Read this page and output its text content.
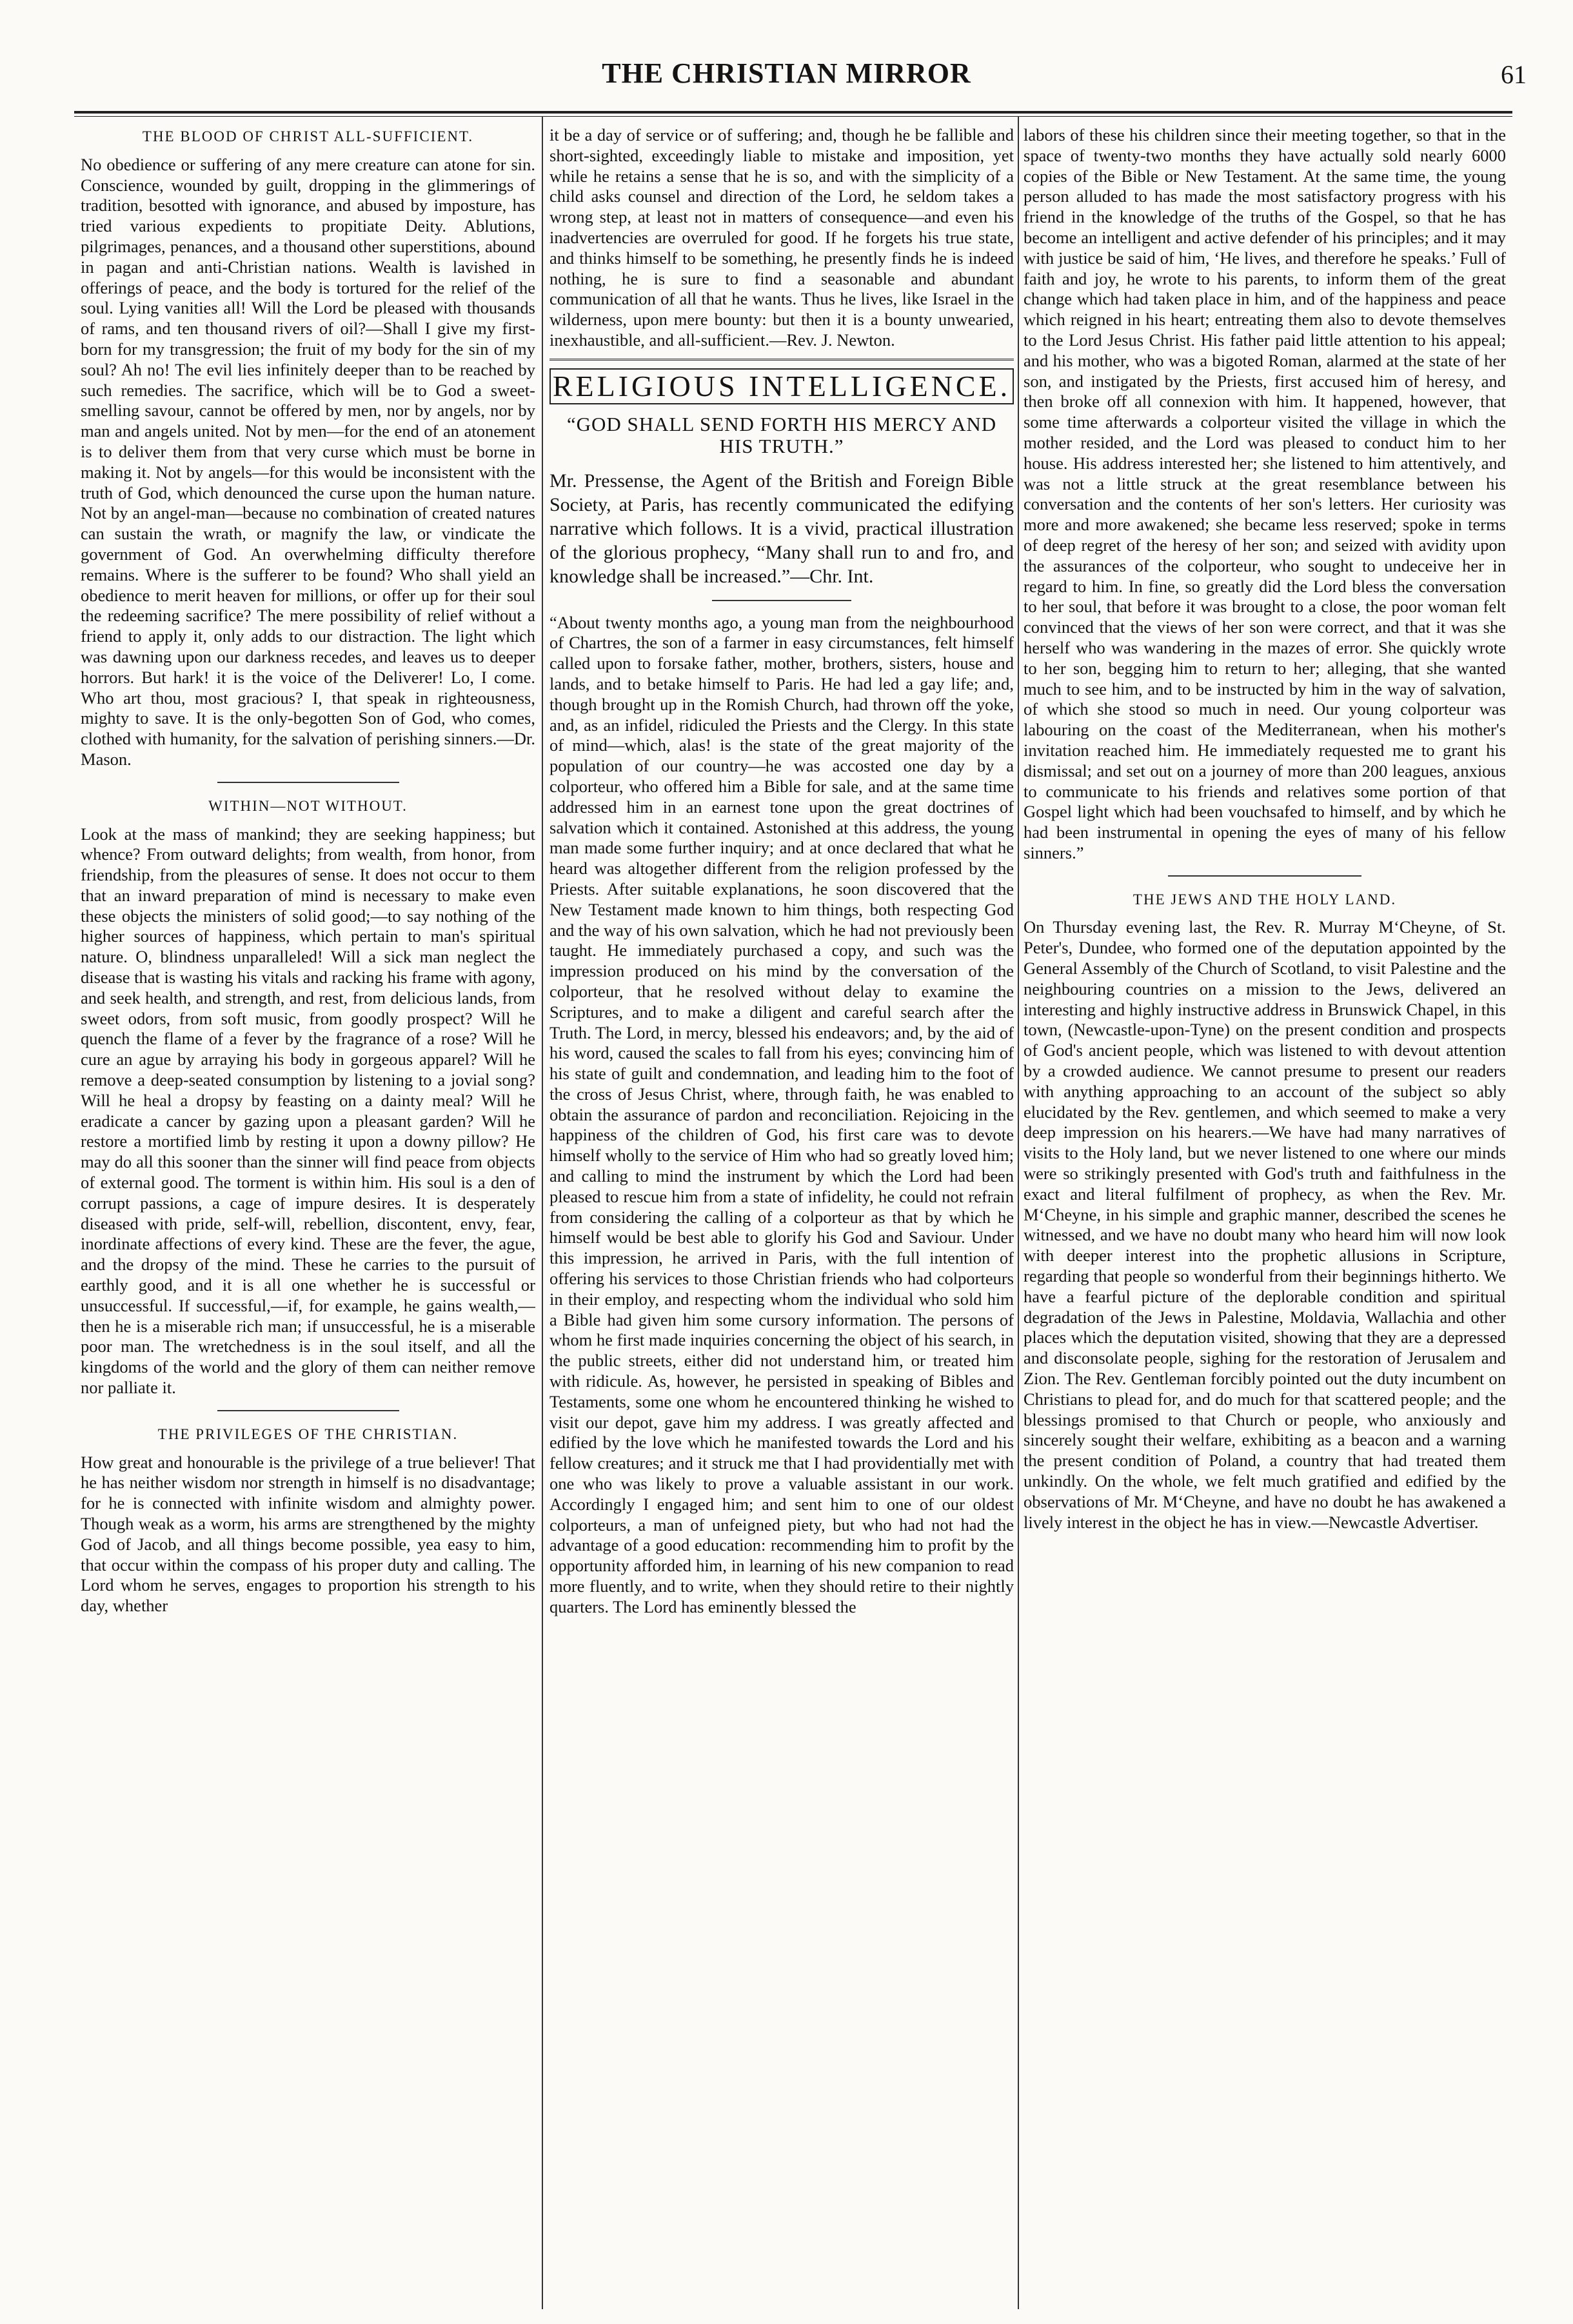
THE CHRISTIAN MIRROR	61
THE BLOOD OF CHRIST ALL-SUFFICIENT.

No obedience or suffering of any mere creature can atone for sin. Conscience, wounded by guilt, dropping in the glimmerings of tradition, besotted with ignorance, and abused by imposture, has tried various expedients to propitiate Deity. Ablutions, pilgrimages, penances, and a thousand other superstitions, abound in pagan and anti-Christian nations. Wealth is lavished in offerings of peace, and the body is tortured for the relief of the soul. Lying vanities all! Will the Lord be pleased with thousands of rams, and ten thousand rivers of oil?—Shall I give my first-born for my transgression; the fruit of my body for the sin of my soul? Ah no! The evil lies infinitely deeper than to be reached by such remedies. The sacrifice, which will be to God a sweet-smelling savour, cannot be offered by men, nor by angels, nor by man and angels united. Not by men—for the end of an atonement is to deliver them from that very curse which must be borne in making it. Not by angels—for this would be inconsistent with the truth of God, which denounced the curse upon the human nature. Not by an angel-man—because no combination of created natures can sustain the wrath, or magnify the law, or vindicate the government of God. An overwhelming difficulty therefore remains. Where is the sufferer to be found? Who shall yield an obedience to merit heaven for millions, or offer up for their soul the redeeming sacrifice? The mere possibility of relief without a friend to apply it, only adds to our distraction. The light which was dawning upon our darkness recedes, and leaves us to deeper horrors. But hark! it is the voice of the Deliverer! Lo, I come. Who art thou, most gracious? I, that speak in righteousness, mighty to save. It is the only-begotten Son of God, who comes, clothed with humanity, for the salvation of perishing sinners.—Dr. Mason.

WITHIN—NOT WITHOUT.

Look at the mass of mankind; they are seeking happiness; but whence? From outward delights; from wealth, from honor, from friendship, from the pleasures of sense. It does not occur to them that an inward preparation of mind is necessary to make even these objects the ministers of solid good;—to say nothing of the higher sources of happiness, which pertain to man's spiritual nature. O, blindness unparalleled! Will a sick man neglect the disease that is wasting his vitals and racking his frame with agony, and seek health, and strength, and rest, from delicious lands, from sweet odors, from soft music, from goodly prospect? Will he quench the flame of a fever by the fragrance of a rose? Will he cure an ague by arraying his body in gorgeous apparel? Will he remove a deep-seated consumption by listening to a jovial song? Will he heal a dropsy by feasting on a dainty meal? Will he eradicate a cancer by gazing upon a pleasant garden? Will he restore a mortified limb by resting it upon a downy pillow? He may do all this sooner than the sinner will find peace from objects of external good. The torment is within him. His soul is a den of corrupt passions, a cage of impure desires. It is desperately diseased with pride, self-will, rebellion, discontent, envy, fear, inordinate affections of every kind. These are the fever, the ague, and the dropsy of the mind. These he carries to the pursuit of earthly good, and it is all one whether he is successful or unsuccessful. If successful,—if, for example, he gains wealth,—then he is a miserable rich man; if unsuccessful, he is a miserable poor man. The wretchedness is in the soul itself, and all the kingdoms of the world and the glory of them can neither remove nor palliate it.

THE PRIVILEGES OF THE CHRISTIAN.

How great and honourable is the privilege of a true believer! That he has neither wisdom nor strength in himself is no disadvantage; for he is connected with infinite wisdom and almighty power. Though weak as a worm, his arms are strengthened by the mighty God of Jacob, and all things become possible, yea easy to him, that occur within the compass of his proper duty and calling. The Lord whom he serves, engages to proportion his strength to his day, whether

it be a day of service or of suffering; and, though he be fallible and short-sighted, exceedingly liable to mistake and imposition, yet while he retains a sense that he is so, and with the simplicity of a child asks counsel and direction of the Lord, he seldom takes a wrong step, at least not in matters of consequence—and even his inadvertencies are overruled for good. If he forgets his true state, and thinks himself to be something, he presently finds he is indeed nothing, he is sure to find a seasonable and abundant communication of all that he wants. Thus he lives, like Israel in the wilderness, upon mere bounty: but then it is a bounty unwearied, inexhaustible, and all-sufficient.—Rev. J. Newton.

RELIGIOUS INTELLIGENCE.
“GOD SHALL SEND FORTH HIS MERCY AND HIS TRUTH.”

Mr. Pressense, the Agent of the British and Foreign Bible Society, at Paris, has recently communicated the edifying narrative which follows. It is a vivid, practical illustration of the glorious prophecy, “Many shall run to and fro, and knowledge shall be increased.”—Chr. Int.

“About twenty months ago, a young man from the neighbourhood of Chartres, the son of a farmer in easy circumstances, felt himself called upon to forsake father, mother, brothers, sisters, house and lands, and to betake himself to Paris. He had led a gay life; and, though brought up in the Romish Church, had thrown off the yoke, and, as an infidel, ridiculed the Priests and the Clergy. In this state of mind—which, alas! is the state of the great majority of the population of our country—he was accosted one day by a colporteur, who offered him a Bible for sale, and at the same time addressed him in an earnest tone upon the great doctrines of salvation which it contained. Astonished at this address, the young man made some further inquiry; and at once declared that what he heard was altogether different from the religion professed by the Priests. After suitable explanations, he soon discovered that the New Testament made known to him things, both respecting God and the way of his own salvation, which he had not previously been taught. He immediately purchased a copy, and such was the impression produced on his mind by the conversation of the colporteur, that he resolved without delay to examine the Scriptures, and to make a diligent and careful search after the Truth. The Lord, in mercy, blessed his endeavors; and, by the aid of his word, caused the scales to fall from his eyes; convincing him of his state of guilt and condemnation, and leading him to the foot of the cross of Jesus Christ, where, through faith, he was enabled to obtain the assurance of pardon and reconciliation. Rejoicing in the happiness of the children of God, his first care was to devote himself wholly to the service of Him who had so greatly loved him; and calling to mind the instrument by which the Lord had been pleased to rescue him from a state of infidelity, he could not refrain from considering the calling of a colporteur as that by which he himself would be best able to glorify his God and Saviour. Under this impression, he arrived in Paris, with the full intention of offering his services to those Christian friends who had colporteurs in their employ, and respecting whom the individual who sold him a Bible had given him some cursory information. The persons of whom he first made inquiries concerning the object of his search, in the public streets, either did not understand him, or treated him with ridicule. As, however, he persisted in speaking of Bibles and Testaments, some one whom he encountered thinking he wished to visit our depot, gave him my address. I was greatly affected and edified by the love which he manifested towards the Lord and his fellow creatures; and it struck me that I had providentially met with one who was likely to prove a valuable assistant in our work. Accordingly I engaged him; and sent him to one of our oldest colporteurs, a man of unfeigned piety, but who had not had the advantage of a good education: recommending him to profit by the opportunity afforded him, in learning of his new companion to read more fluently, and to write, when they should retire to their nightly quarters. The Lord has eminently blessed the

labors of these his children since their meeting together, so that in the space of twenty-two months they have actually sold nearly 6000 copies of the Bible or New Testament. At the same time, the young person alluded to has made the most satisfactory progress with his friend in the knowledge of the truths of the Gospel, so that he has become an intelligent and active defender of his principles; and it may with justice be said of him, ‘He lives, and therefore he speaks.’ Full of faith and joy, he wrote to his parents, to inform them of the great change which had taken place in him, and of the happiness and peace which reigned in his heart; entreating them also to devote themselves to the Lord Jesus Christ. His father paid little attention to his appeal; and his mother, who was a bigoted Roman, alarmed at the state of her son, and instigated by the Priests, first accused him of heresy, and then broke off all connexion with him. It happened, however, that some time afterwards a colporteur visited the village in which the mother resided, and the Lord was pleased to conduct him to her house. His address interested her; she listened to him attentively, and was not a little struck at the great resemblance between his conversation and the contents of her son's letters. Her curiosity was more and more awakened; she became less reserved; spoke in terms of deep regret of the heresy of her son; and seized with avidity upon the assurances of the colporteur, who sought to undeceive her in regard to him. In fine, so greatly did the Lord bless the conversation to her soul, that before it was brought to a close, the poor woman felt convinced that the views of her son were correct, and that it was she herself who was wandering in the mazes of error. She quickly wrote to her son, begging him to return to her; alleging, that she wanted much to see him, and to be instructed by him in the way of salvation, of which she stood so much in need. Our young colporteur was labouring on the coast of the Mediterranean, when his mother's invitation reached him. He immediately requested me to grant his dismissal; and set out on a journey of more than 200 leagues, anxious to communicate to his friends and relatives some portion of that Gospel light which had been vouchsafed to himself, and by which he had been instrumental in opening the eyes of many of his fellow sinners.”

THE JEWS AND THE HOLY LAND.

On Thursday evening last, the Rev. R. Murray M‘Cheyne, of St. Peter's, Dundee, who formed one of the deputation appointed by the General Assembly of the Church of Scotland, to visit Palestine and the neighbouring countries on a mission to the Jews, delivered an interesting and highly instructive address in Brunswick Chapel, in this town, (Newcastle-upon-Tyne) on the present condition and prospects of God's ancient people, which was listened to with devout attention by a crowded audience. We cannot presume to present our readers with anything approaching to an account of the subject so ably elucidated by the Rev. gentlemen, and which seemed to make a very deep impression on his hearers.—We have had many narratives of visits to the Holy land, but we never listened to one where our minds were so strikingly presented with God's truth and faithfulness in the exact and literal fulfilment of prophecy, as when the Rev. Mr. M‘Cheyne, in his simple and graphic manner, described the scenes he witnessed, and we have no doubt many who heard him will now look with deeper interest into the prophetic allusions in Scripture, regarding that people so wonderful from their beginnings hitherto. We have a fearful picture of the deplorable condition and spiritual degradation of the Jews in Palestine, Moldavia, Wallachia and other places which the deputation visited, showing that they are a depressed and disconsolate people, sighing for the restoration of Jerusalem and Zion. The Rev. Gentleman forcibly pointed out the duty incumbent on Christians to plead for, and do much for that scattered people; and the blessings promised to that Church or people, who anxiously and sincerely sought their welfare, exhibiting as a beacon and a warning the present condition of Poland, a country that had treated them unkindly. On the whole, we felt much gratified and edified by the observations of Mr. M‘Cheyne, and have no doubt he has awakened a lively interest in the object he has in view.—Newcastle Advertiser.
